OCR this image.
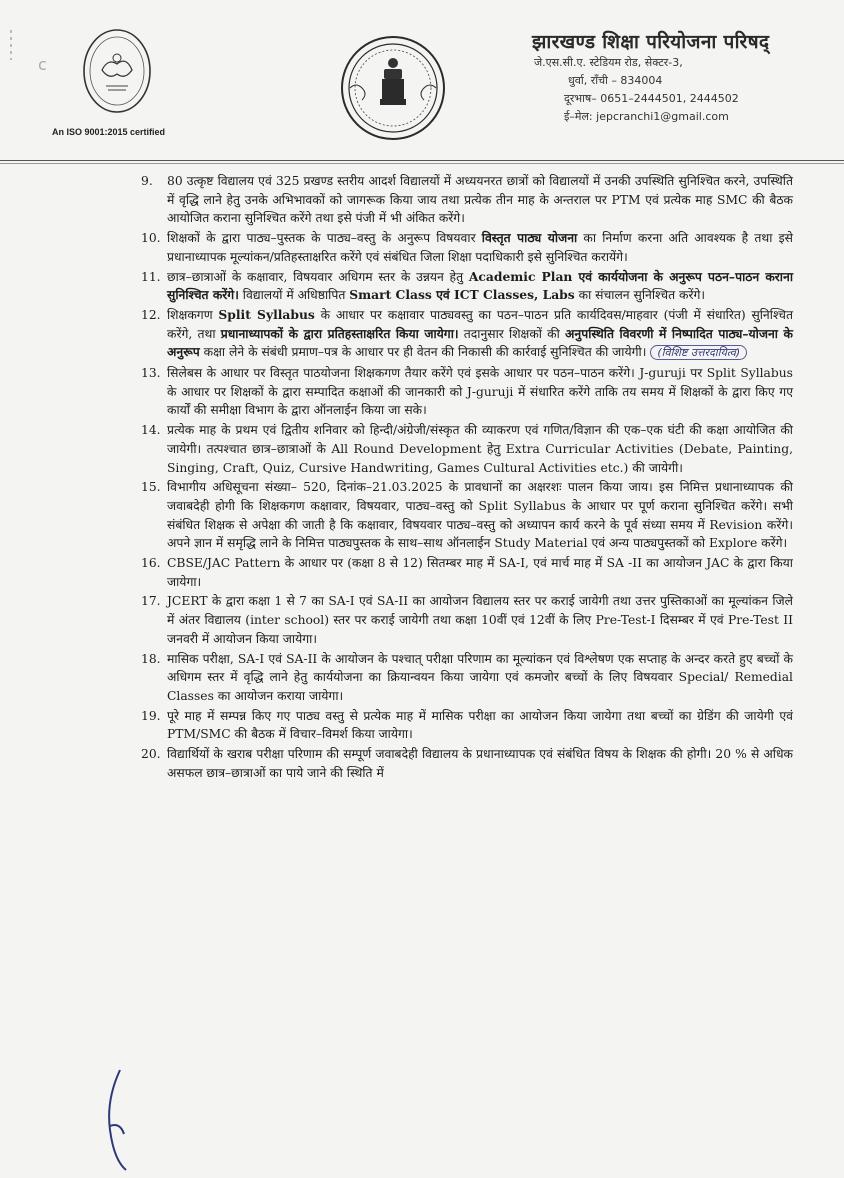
c
An ISO 9001:2015 certified
झारखण्ड शिक्षा परियोजना परिषद्
जे.एस.सी.ए. स्टेडियम रोड, सेक्टर-3,
धुर्वा, राँची – 834004
दूरभाष– 0651–2444501, 2444502
ई–मेल: jepcranchi1@gmail.com
9.	80 उत्कृष्ट विद्यालय एवं 325 प्रखण्ड स्तरीय आदर्श विद्यालयों में अध्ययनरत छात्रों को विद्यालयों में उनकी उपस्थिति सुनिश्चित करने, उपस्थिति में वृद्धि लाने हेतु उनके अभिभावकों को जागरूक किया जाय तथा प्रत्येक तीन माह के अन्तराल पर PTM एवं प्रत्येक माह SMC की बैठक आयोजित कराना सुनिश्चित करेंगे तथा इसे पंजी में भी अंकित करेंगे।
10. शिक्षकों के द्वारा पाठ्य–पुस्तक के पाठ्य–वस्तु के अनुरूप विषयवार विस्तृत पाठ्य योजना का निर्माण करना अति आवश्यक है तथा इसे प्रधानाध्यापक मूल्यांकन/प्रतिहस्ताक्षरित करेंगे एवं संबंधित जिला शिक्षा पदाधिकारी इसे सुनिश्चित करायेंगे।
11. छात्र–छात्राओं के कक्षावार, विषयवार अधिगम स्तर के उन्नयन हेतु Academic Plan एवं कार्ययोजना के अनुरूप पठन–पाठन कराना सुनिश्चित करेंगे। विद्यालयों में अधिष्ठापित Smart Class एवं ICT Classes, Labs का संचालन सुनिश्चित करेंगे।
12. शिक्षकगण Split Syllabus के आधार पर कक्षावार पाठ्यवस्तु का पठन–पाठन प्रति कार्यदिवस/माहवार (पंजी में संधारित) सुनिश्चित करेंगे, तथा प्रधानाध्यापकों के द्वारा प्रतिहस्ताक्षरित किया जायेगा। तदानुसार शिक्षकों की अनुपस्थिति विवरणी में निष्पादित पाठ्य–योजना के अनुरूप कक्षा लेने के संबंधी प्रमाण–पत्र के आधार पर ही वेतन की निकासी की कार्रवाई सुनिश्चित की जायेगी। (विशिष्ट उत्तरदायित्व)
13. सिलेबस के आधार पर विस्तृत पाठयोजना शिक्षकगण तैयार करेंगे एवं इसके आधार पर पठन–पाठन करेंगे। J-guruji पर Split Syllabus के आधार पर शिक्षकों के द्वारा सम्पादित कक्षाओं की जानकारी को J-guruji में संधारित करेंगे ताकि तय समय में शिक्षकों के द्वारा किए गए कार्यों की समीक्षा विभाग के द्वारा ऑनलाईन किया जा सके।
14. प्रत्येक माह के प्रथम एवं द्वितीय शनिवार को हिन्दी/अंग्रेजी/संस्कृत की व्याकरण एवं गणित/विज्ञान की एक–एक घंटी की कक्षा आयोजित की जायेगी। तत्पश्चात छात्र–छात्राओं के All Round Development हेतु Extra Curricular Activities (Debate, Painting, Singing, Craft, Quiz, Cursive Handwriting, Games Cultural Activities etc.) की जायेगी।
15. विभागीय अधिसूचना संख्या– 520, दिनांक–21.03.2025 के प्रावधानों का अक्षरशः पालन किया जाय। इस निमित्त प्रधानाध्यापक की जवाबदेही होगी कि शिक्षकगण कक्षावार, विषयवार, पाठ्य–वस्तु को Split Syllabus के आधार पर पूर्ण कराना सुनिश्चित करेंगे। सभी संबंधित शिक्षक से अपेक्षा की जाती है कि कक्षावार, विषयवार पाठ्य–वस्तु को अध्यापन कार्य करने के पूर्व संध्या समय में Revision करेंगे। अपने ज्ञान में समृद्धि लाने के निमित्त पाठ्यपुस्तक के साथ–साथ ऑनलाईन Study Material एवं अन्य पाठ्यपुस्तकों को Explore करेंगे।
16. CBSE/JAC Pattern के आधार पर (कक्षा 8 से 12) सितम्बर माह में SA-I, एवं मार्च माह में SA -II का आयोजन JAC के द्वारा किया जायेगा।
17. JCERT के द्वारा कक्षा 1 से 7 का SA-I एवं SA-II का आयोजन विद्यालय स्तर पर कराई जायेगी तथा उत्तर पुस्तिकाओं का मूल्यांकन जिले में अंतर विद्यालय (inter school) स्तर पर कराई जायेगी तथा कक्षा 10वीं एवं 12वीं के लिए Pre-Test-I दिसम्बर में एवं Pre-Test II जनवरी में आयोजन किया जायेगा।
18. मासिक परीक्षा, SA-I एवं SA-II के आयोजन के पश्चात् परीक्षा परिणाम का मूल्यांकन एवं विश्लेषण एक सप्ताह के अन्दर करते हुए बच्चों के अधिगम स्तर में वृद्धि लाने हेतु कार्ययोजना का क्रियान्वयन किया जायेगा एवं कमजोर बच्चों के लिए विषयवार Special/ Remedial Classes का आयोजन कराया जायेगा।
19. पूरे माह में सम्पन्न किए गए पाठ्य वस्तु से प्रत्येक माह में मासिक परीक्षा का आयोजन किया जायेगा तथा बच्चों का ग्रेडिंग की जायेगी एवं PTM/SMC की बैठक में विचार–विमर्श किया जायेगा।
20. विद्यार्थियों के खराब परीक्षा परिणाम की सम्पूर्ण जवाबदेही विद्यालय के प्रधानाध्यापक एवं संबंधित विषय के शिक्षक की होगी। 20 % से अधिक असफल छात्र–छात्राओं का पाये जाने की स्थिति में
